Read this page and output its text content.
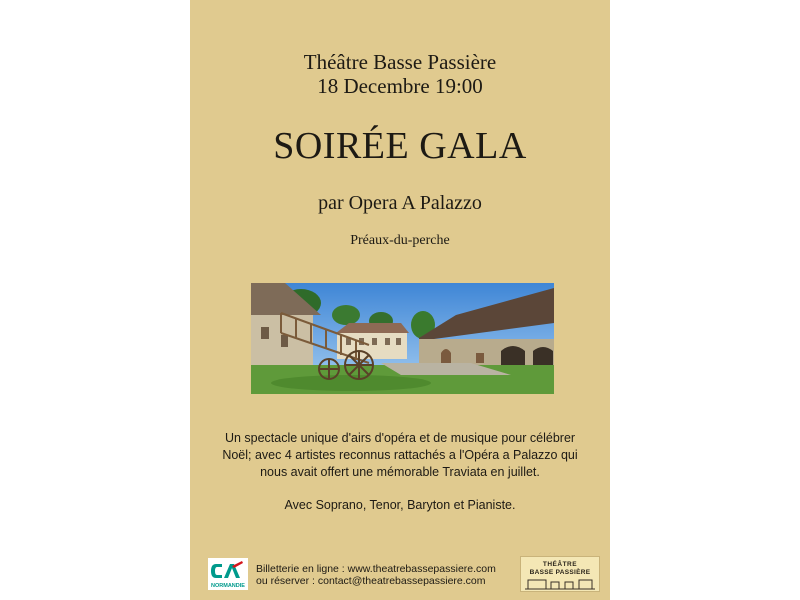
Théâtre Basse Passière
18 Decembre 19:00
SOIRÉE GALA
par Opera A Palazzo
Préaux-du-perche
Un spectacle unique d'airs d'opéra et de musique pour célébrer Noël; avec 4 artistes reconnus rattachés a l'Opéra a Palazzo qui nous avait offert une mémorable Traviata en juillet.
Avec Soprano, Tenor, Baryton et Pianiste.
NORMANDIE
Billetterie en ligne : www.theatrebassepassiere.com
ou réserver : contact@theatrebassepassiere.com
THÉÂTRE
BASSE PASSIÈRE
